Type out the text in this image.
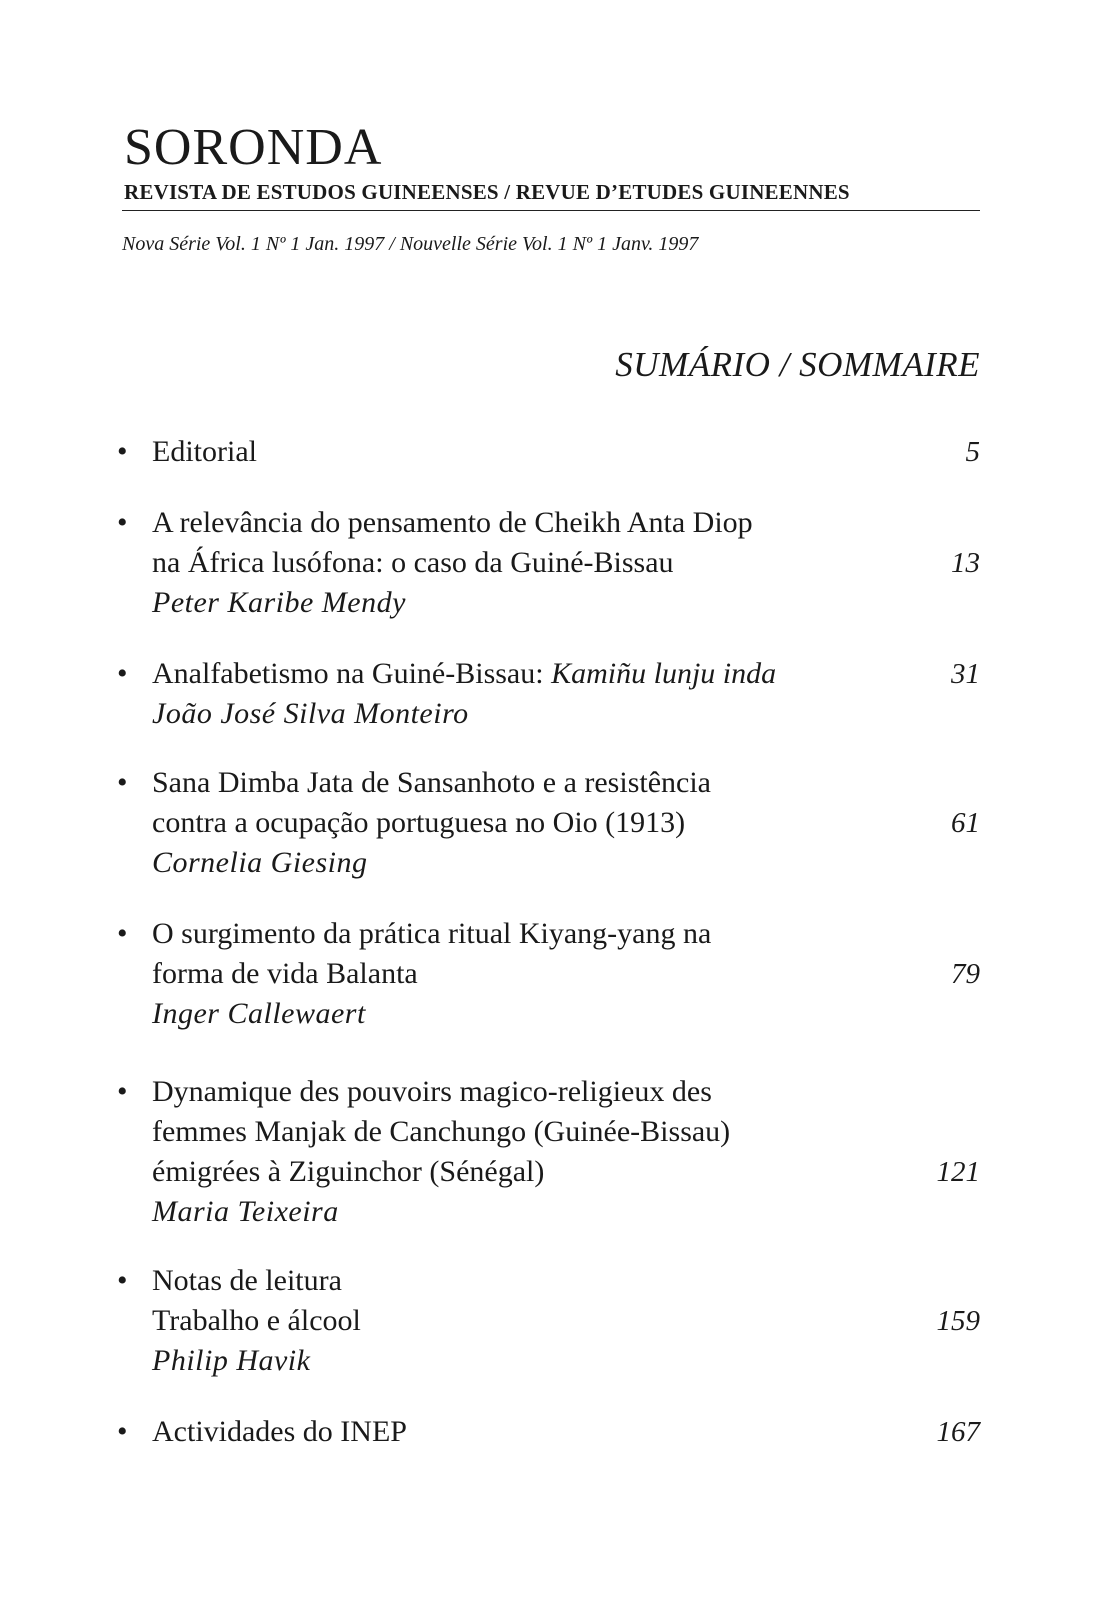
SORONDA
REVISTA DE ESTUDOS GUINEENSES / REVUE D’ETUDES GUINEENNES
Nova Série Vol. 1 Nº 1 Jan. 1997 / Nouvelle Série Vol. 1 Nº 1 Janv. 1997
SUMÁRIO / SOMMAIRE
• Editorial	5
• A relevância do pensamento de Cheikh Anta Diop
na África lusófona: o caso da Guiné-Bissau
Peter Karibe Mendy
13
• Analfabetismo na Guiné-Bissau: Kamiñu lunju inda
João José Silva Monteiro
31
• Sana Dimba Jata de Sansanhoto e a resistência
contra a ocupação portuguesa no Oio (1913)
Cornelia Giesing
61
• O surgimento da prática ritual Kiyang-yang na
forma de vida Balanta
Inger Callewaert
79
• Dynamique des pouvoirs magico-religieux des
femmes Manjak de Canchungo (Guinée-Bissau)
émigrées à Ziguinchor (Sénégal)
Maria Teixeira
121
• Notas de leitura
Trabalho e álcool
Philip Havik
159
• Actividades do INEP	167
